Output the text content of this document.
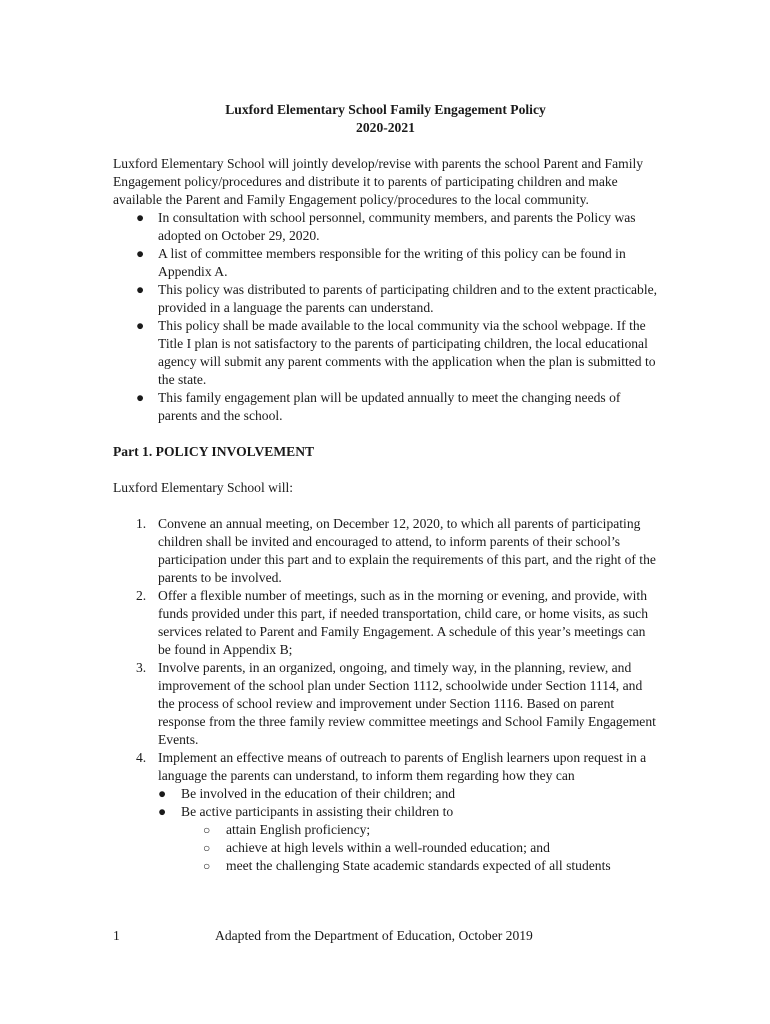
Luxford Elementary School Family Engagement Policy

2020-2021

Luxford Elementary School will jointly develop/revise with parents the school Parent and Family Engagement policy/procedures and distribute it to parents of participating children and make available the Parent and Family Engagement policy/procedures to the local community.

● In consultation with school personnel, community members, and parents the Policy was adopted on October 29, 2020.
● A list of committee members responsible for the writing of this policy can be found in Appendix A.
● This policy was distributed to parents of participating children and to the extent practicable, provided in a language the parents can understand.
● This policy shall be made available to the local community via the school webpage. If the Title I plan is not satisfactory to the parents of participating children, the local educational agency will submit any parent comments with the application when the plan is submitted to the state.
● This family engagement plan will be updated annually to meet the changing needs of parents and the school.

Part 1. POLICY INVOLVEMENT

Luxford Elementary School will:

1. Convene an annual meeting, on December 12, 2020, to which all parents of participating children shall be invited and encouraged to attend, to inform parents of their school’s participation under this part and to explain the requirements of this part, and the right of the parents to be involved.
2. Offer a flexible number of meetings, such as in the morning or evening, and provide, with funds provided under this part, if needed transportation, child care, or home visits, as such services related to Parent and Family Engagement. A schedule of this year’s meetings can be found in Appendix B;
3. Involve parents, in an organized, ongoing, and timely way, in the planning, review, and improvement of the school plan under Section 1112, schoolwide under Section 1114, and the process of school review and improvement under Section 1116. Based on parent response from the three family review committee meetings and School Family Engagement Events.
4. Implement an effective means of outreach to parents of English learners upon request in a language the parents can understand, to inform them regarding how they can
● Be involved in the education of their children; and
● Be active participants in assisting their children to
○ attain English proficiency;
○ achieve at high levels within a well-rounded education; and
○ meet the challenging State academic standards expected of all students
1	Adapted from the Department of Education, October 2019
